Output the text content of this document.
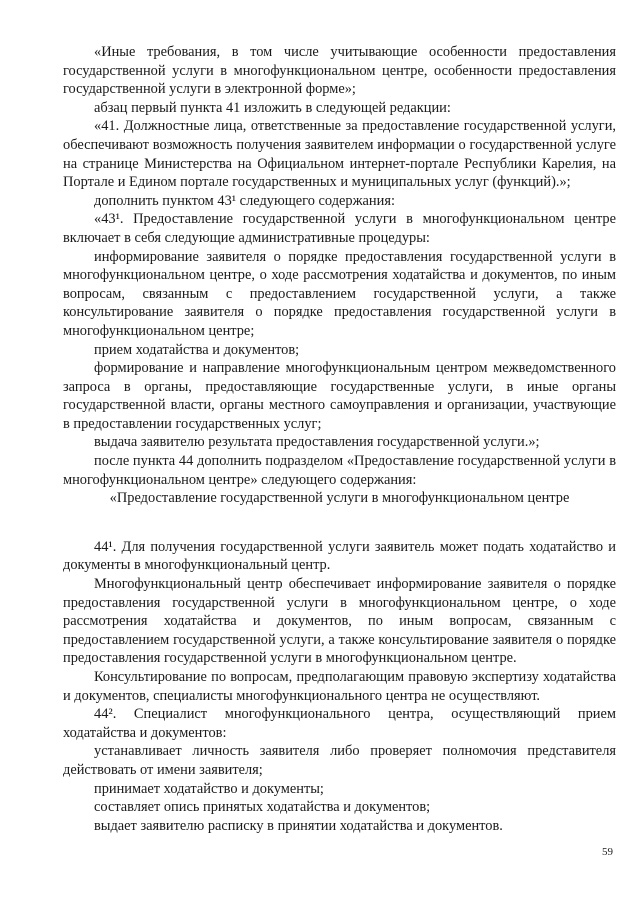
«Иные требования, в том числе учитывающие особенности предоставления государственной услуги в многофункциональном центре, особенности предоставления государственной услуги в электронной форме»;

абзац первый пункта 41 изложить в следующей редакции:

«41. Должностные лица, ответственные за предоставление государственной услуги, обеспечивают возможность получения заявителем информации о государственной услуге на странице Министерства на Официальном интернет-портале Республики Карелия, на Портале и Едином портале государственных и муниципальных услуг (функций).»;

дополнить пунктом 43¹ следующего содержания:

«43¹. Предоставление государственной услуги в многофункциональном центре включает в себя следующие административные процедуры:

информирование заявителя о порядке предоставления государственной услуги в многофункциональном центре, о ходе рассмотрения ходатайства и документов, по иным вопросам, связанным с предоставлением государственной услуги, а также консультирование заявителя о порядке предоставления государственной услуги в многофункциональном центре;

прием ходатайства и документов;

формирование и направление многофункциональным центром межведомственного запроса в органы, предоставляющие государственные услуги, в иные органы государственной власти, органы местного самоуправления и организации, участвующие в предоставлении государственных услуг;

выдача заявителю результата предоставления государственной услуги.»;

после пункта 44 дополнить подразделом «Предоставление государственной услуги в многофункциональном центре» следующего содержания:

«Предоставление государственной услуги в многофункциональном центре

44¹. Для получения государственной услуги заявитель может подать ходатайство и документы в многофункциональный центр.

Многофункциональный центр обеспечивает информирование заявителя о порядке предоставления государственной услуги в многофункциональном центре, о ходе рассмотрения ходатайства и документов, по иным вопросам, связанным с предоставлением государственной услуги, а также консультирование заявителя о порядке предоставления государственной услуги в многофункциональном центре.

Консультирование по вопросам, предполагающим правовую экспертизу ходатайства и документов, специалисты многофункционального центра не осуществляют.

44². Специалист многофункционального центра, осуществляющий прием ходатайства и документов:

устанавливает личность заявителя либо проверяет полномочия представителя действовать от имени заявителя;

принимает ходатайство и документы;

составляет опись принятых ходатайства и документов;

выдает заявителю расписку в принятии ходатайства и документов.

59
